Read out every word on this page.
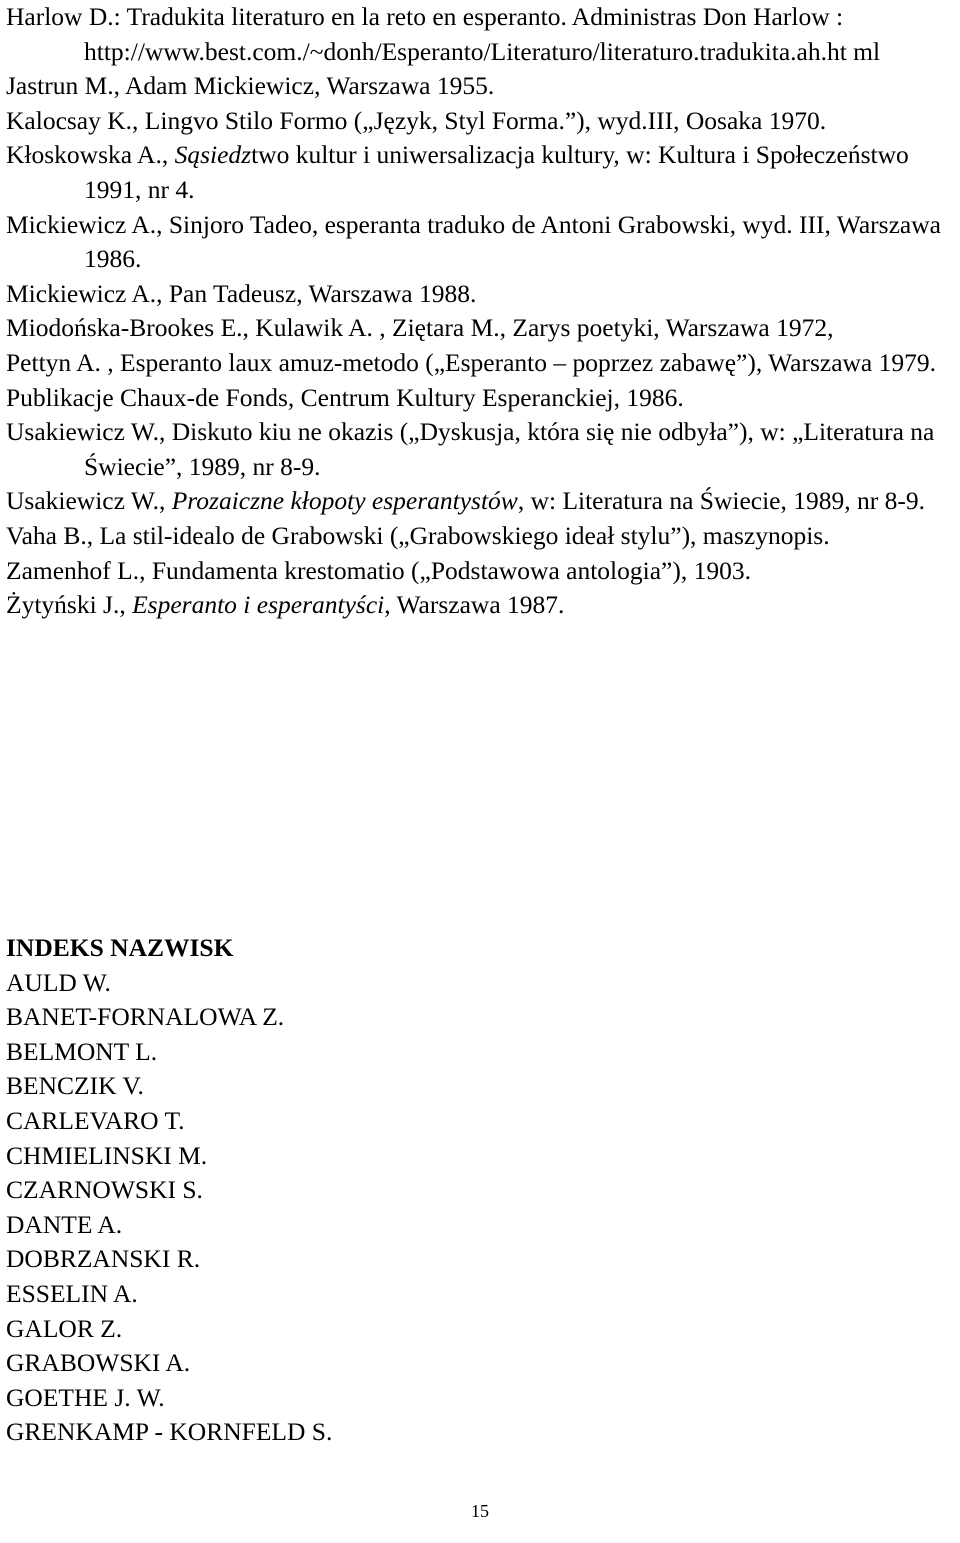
Harlow D.: Tradukita literaturo en la reto en esperanto. Administras Don Harlow : http://www.best.com./~donh/Esperanto/Literaturo/literaturo.tradukita.ah.ht ml

Jastrun M., Adam Mickiewicz, Warszawa 1955.

Kalocsay K., Lingvo Stilo Formo („Język, Styl Forma.”), wyd.III, Oosaka 1970.

Kłoskowska A., Sąsiedztwo kultur i uniwersalizacja kultury, w: Kultura i Społeczeństwo 1991, nr 4.

Mickiewicz A., Sinjoro Tadeo, esperanta traduko de Antoni Grabowski, wyd. III, Warszawa 1986.

Mickiewicz A., Pan Tadeusz, Warszawa 1988.

Miodońska-Brookes E., Kulawik A. , Ziętara M., Zarys poetyki, Warszawa 1972,

Pettyn A. , Esperanto laux amuz-metodo („Esperanto – poprzez zabawę”), Warszawa 1979.

Publikacje Chaux-de Fonds, Centrum Kultury Esperanckiej, 1986.

Usakiewicz W., Diskuto kiu ne okazis („Dyskusja, która się nie odbyła”), w: „Literatura na Świecie”, 1989, nr 8-9.

Usakiewicz W., Prozaiczne kłopoty esperantystów, w: Literatura na Świecie, 1989, nr 8-9.

Vaha B., La stil-idealo de Grabowski („Grabowskiego ideał stylu”), maszynopis.

Zamenhof L., Fundamenta krestomatio („Podstawowa antologia”), 1903.

Żytyński J., Esperanto i esperantyści, Warszawa 1987.

INDEKS NAZWISK

AULD W.

BANET-FORNALOWA Z.

BELMONT L.

BENCZIK V.

CARLEVARO T.

CHMIELINSKI M.

CZARNOWSKI S.

DANTE A.

DOBRZANSKI R.

ESSELIN A.

GALOR Z.

GRABOWSKI A.

GOETHE J. W.

GRENKAMP - KORNFELD S.

15
